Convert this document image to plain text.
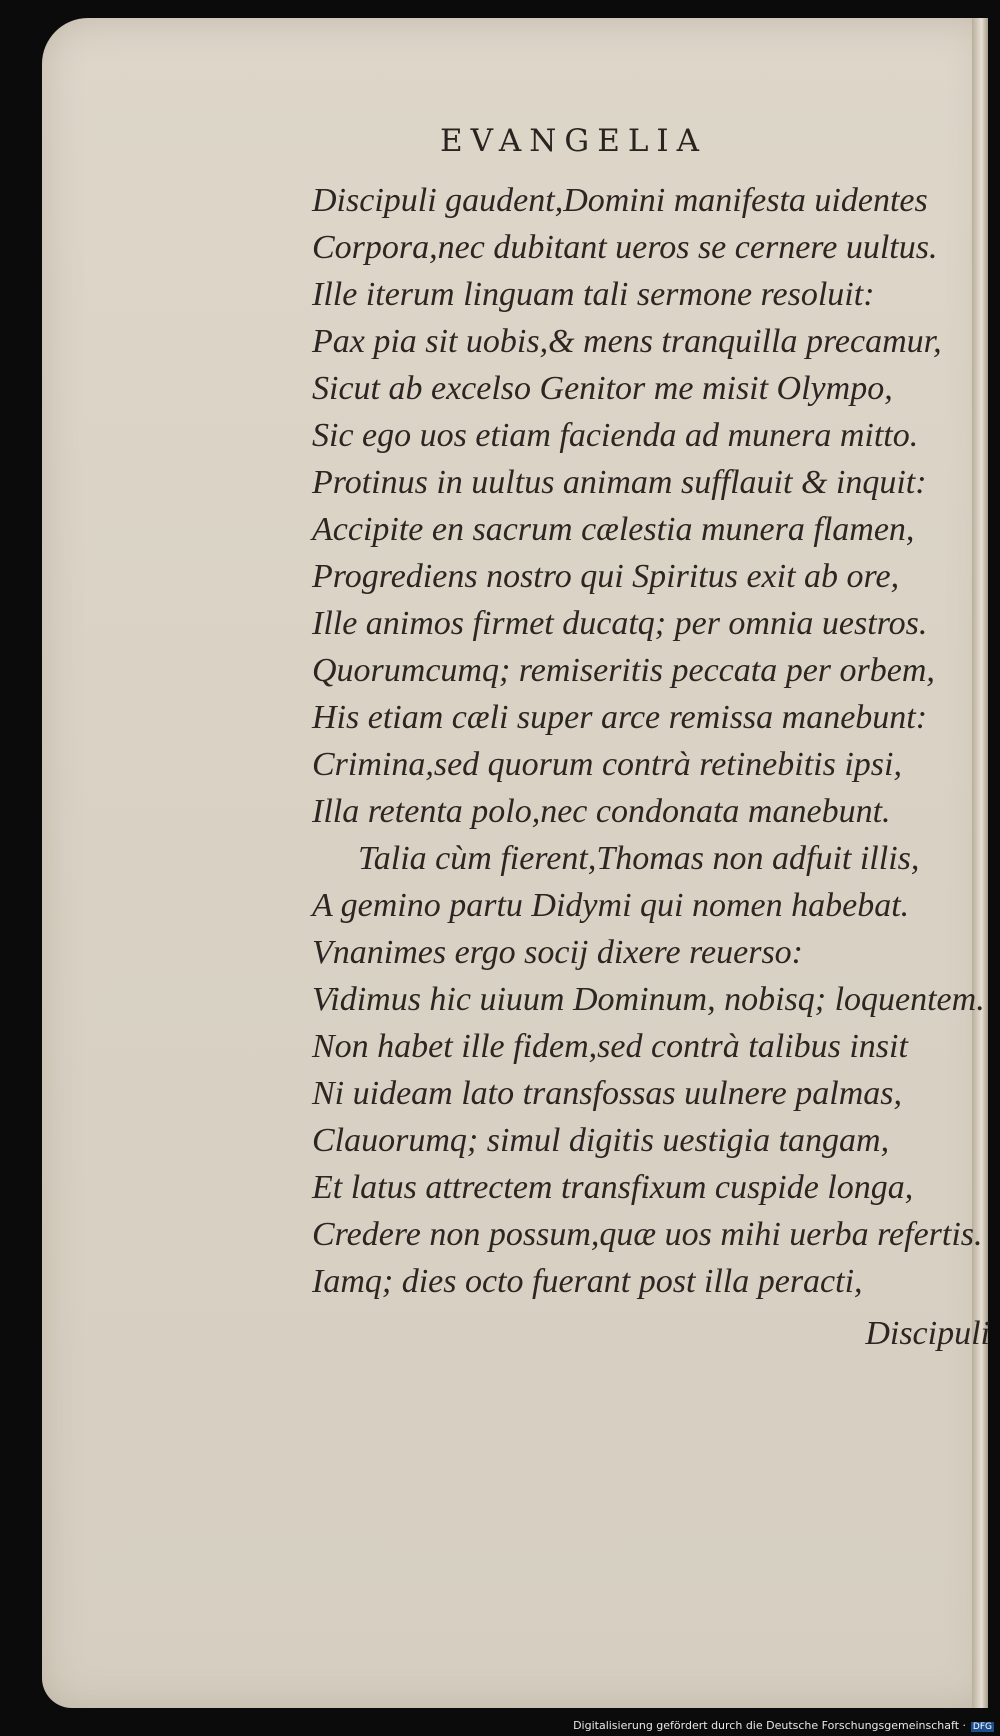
EVANGELIA
Discipuli gaudent,Domini manifesta uidentes
Corpora,nec dubitant ueros se cernere uultus.
Ille iterum linguam tali sermone resoluit:
Pax pia sit uobis,& mens tranquilla precamur,
Sicut ab excelso Genitor me misit Olympo,
Sic ego uos etiam facienda ad munera mitto.
Protinus in uultus animam sufflauit & inquit:
Accipite en sacrum cælestia munera flamen,
Progrediens nostro qui Spiritus exit ab ore,
Ille animos firmet ducatq; per omnia uestros.
Quorumcumq; remiseritis peccata per orbem,
His etiam cæli super arce remissa manebunt:
Crimina,sed quorum contrà retinebitis ipsi,
Illa retenta polo,nec condonata manebunt.
Talia cùm fierent,Thomas non adfuit illis,
A gemino partu Didymi qui nomen habebat.
Vnanimes ergo socij dixere reuerso:
Vidimus hic uiuum Dominum, nobisq; loquentem.
Non habet ille fidem,sed contrà talibus insit
Ni uideam lato transfossas uulnere palmas,
Clauorumq; simul digitis uestigia tangam,
Et latus attrectem transfixum cuspide longa,
Credere non possum,quæ uos mihi uerba refertis.
Iamq; dies octo fuerant post illa peracti,
Discipuli
Digitalisierung gefördert durch die Deutsche Forschungsgemeinschaft · DFG
